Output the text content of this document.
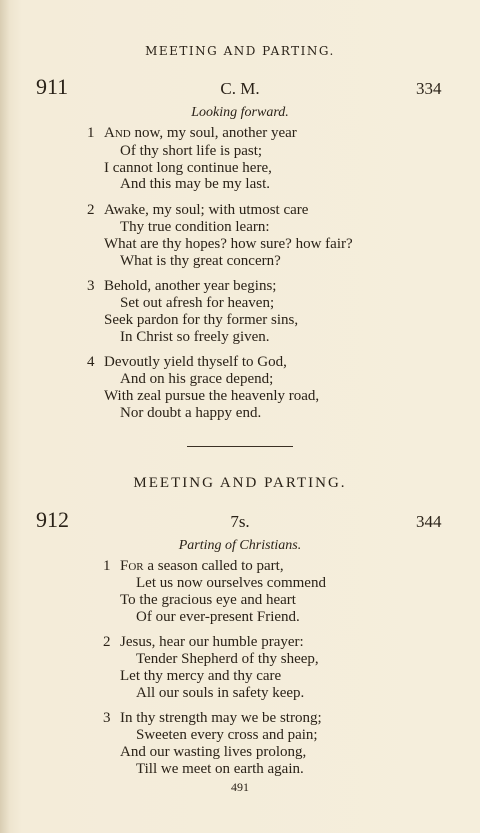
MEETING AND PARTING.
911	C. M.	334
Looking forward.
1 And now, my soul, another year
Of thy short life is past;
I cannot long continue here,
And this may be my last.
2 Awake, my soul; with utmost care
Thy true condition learn:
What are thy hopes? how sure? how fair?
What is thy great concern?
3 Behold, another year begins;
Set out afresh for heaven;
Seek pardon for thy former sins,
In Christ so freely given.
4 Devoutly yield thyself to God,
And on his grace depend;
With zeal pursue the heavenly road,
Nor doubt a happy end.
MEETING AND PARTING.
912	7s.	344
Parting of Christians.
1 For a season called to part,
Let us now ourselves commend
To the gracious eye and heart
Of our ever-present Friend.
2 Jesus, hear our humble prayer:
Tender Shepherd of thy sheep,
Let thy mercy and thy care
All our souls in safety keep.
3 In thy strength may we be strong;
Sweeten every cross and pain;
And our wasting lives prolong,
Till we meet on earth again.
491
